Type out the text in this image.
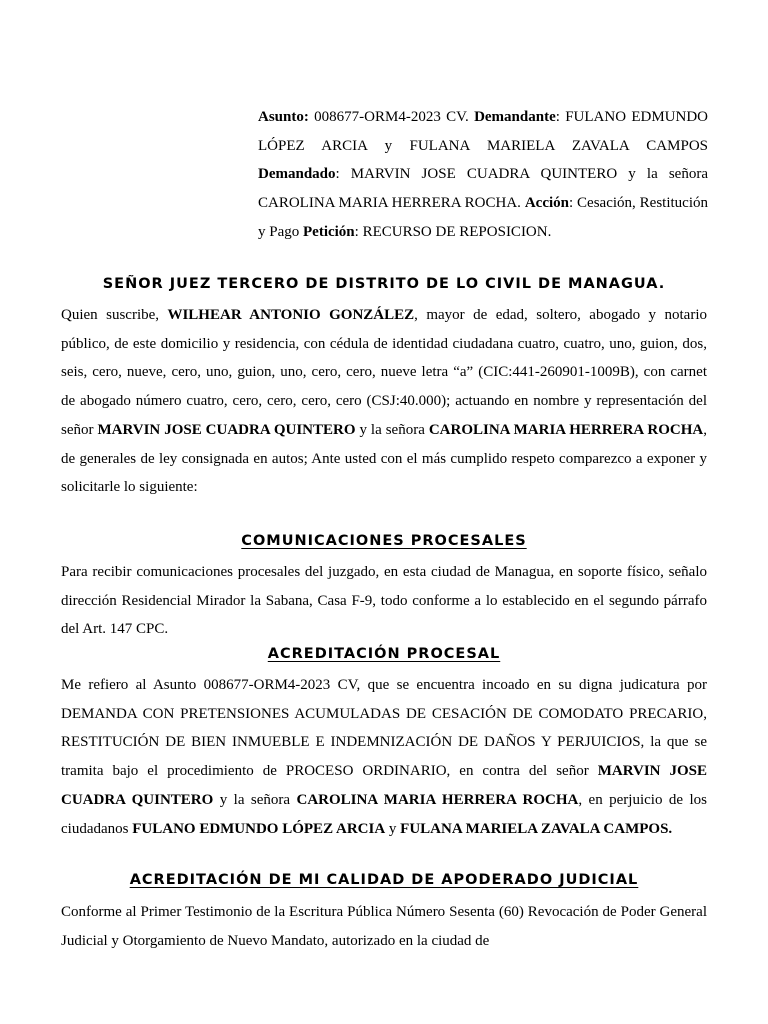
Asunto: 008677-ORM4-2023 CV. Demandante: FULANO EDMUNDO LÓPEZ ARCIA y FULANA MARIELA ZAVALA CAMPOS Demandado: MARVIN JOSE CUADRA QUINTERO y la señora CAROLINA MARIA HERRERA ROCHA. Acción: Cesación, Restitución y Pago Petición: RECURSO DE REPOSICION.
SEÑOR JUEZ TERCERO DE DISTRITO DE LO CIVIL DE MANAGUA.
Quien suscribe, WILHEAR ANTONIO GONZÁLEZ, mayor de edad, soltero, abogado y notario público, de este domicilio y residencia, con cédula de identidad ciudadana cuatro, cuatro, uno, guion, dos, seis, cero, nueve, cero, uno, guion, uno, cero, cero, nueve letra “a” (CIC:441-260901-1009B), con carnet de abogado número cuatro, cero, cero, cero, cero (CSJ:40.000); actuando en nombre y representación del señor MARVIN JOSE CUADRA QUINTERO y la señora CAROLINA MARIA HERRERA ROCHA, de generales de ley consignada en autos; Ante usted con el más cumplido respeto comparezco a exponer y solicitarle lo siguiente:
COMUNICACIONES PROCESALES
Para recibir comunicaciones procesales del juzgado, en esta ciudad de Managua, en soporte físico, señalo dirección Residencial Mirador la Sabana, Casa F-9, todo conforme a lo establecido en el segundo párrafo del Art. 147 CPC.
ACREDITACIÓN PROCESAL
Me refiero al Asunto 008677-ORM4-2023 CV, que se encuentra incoado en su digna judicatura por DEMANDA CON PRETENSIONES ACUMULADAS DE CESACIÓN DE COMODATO PRECARIO, RESTITUCIÓN DE BIEN INMUEBLE E INDEMNIZACIÓN DE DAÑOS Y PERJUICIOS, la que se tramita bajo el procedimiento de PROCESO ORDINARIO, en contra del señor MARVIN JOSE CUADRA QUINTERO y la señora CAROLINA MARIA HERRERA ROCHA, en perjuicio de los ciudadanos FULANO EDMUNDO LÓPEZ ARCIA y FULANA MARIELA ZAVALA CAMPOS.
ACREDITACIÓN DE MI CALIDAD DE APODERADO JUDICIAL
Conforme al Primer Testimonio de la Escritura Pública Número Sesenta (60) Revocación de Poder General Judicial y Otorgamiento de Nuevo Mandato, autorizado en la ciudad de
